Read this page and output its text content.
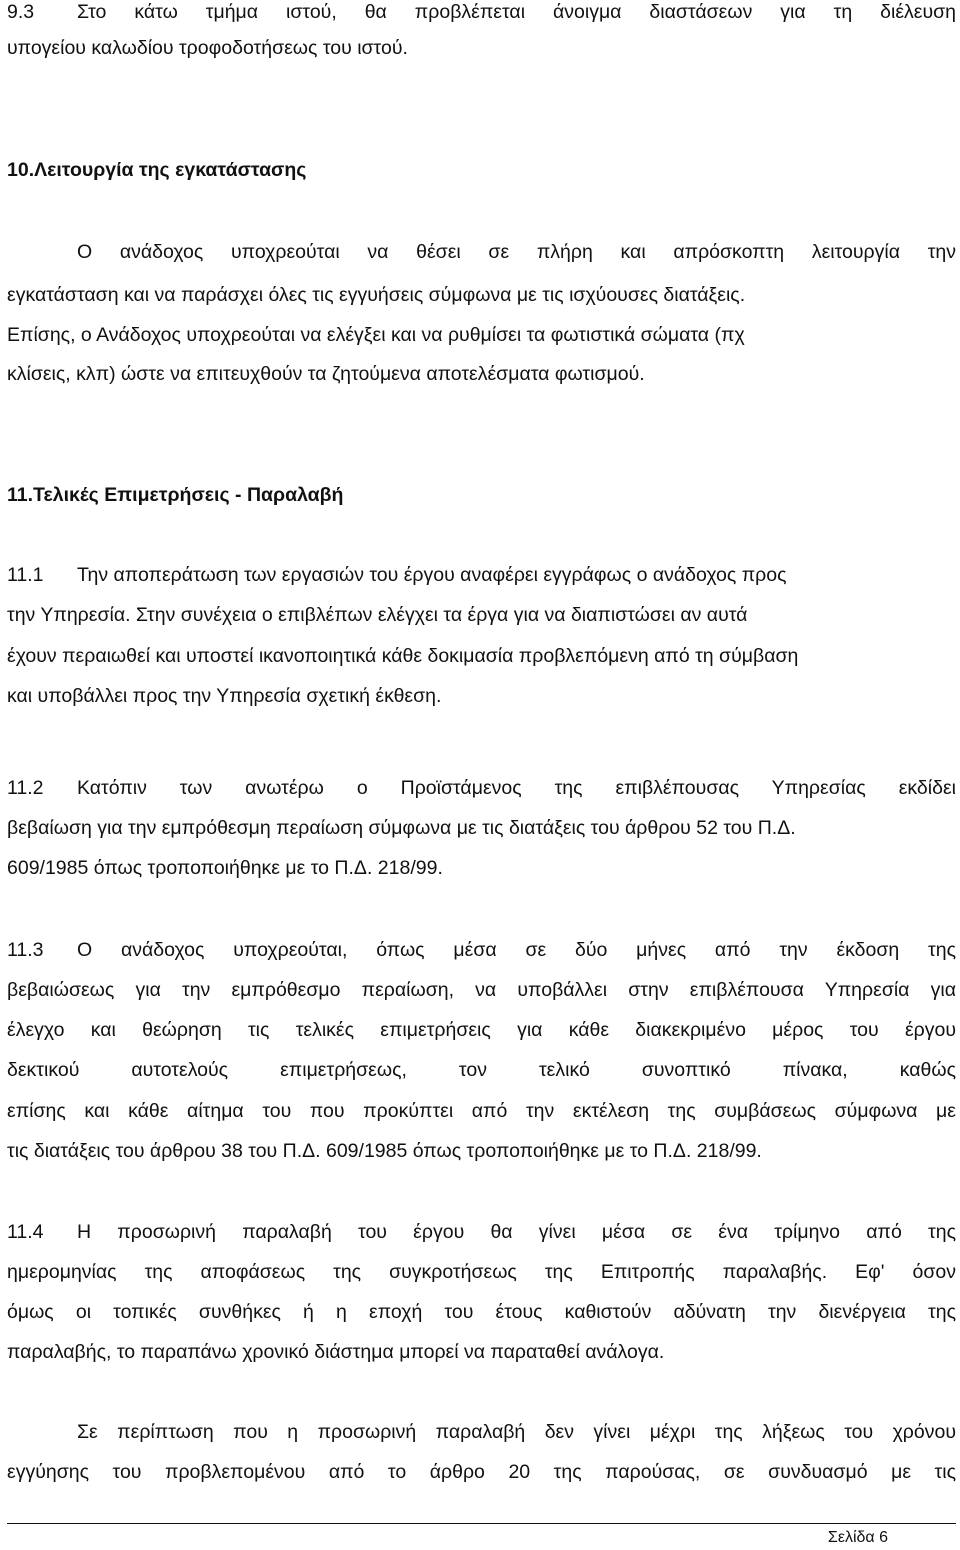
9.3 Στο κάτω τμήμα ιστού, θα προβλέπεται άνοιγμα διαστάσεων για τη διέλευση
υπογείου καλωδίου τροφοδοτήσεως του ιστού.
10.Λειτουργία της εγκατάστασης
Ο ανάδοχος υποχρεούται να θέσει σε πλήρη και απρόσκοπτη λειτουργία την
εγκατάσταση και να παράσχει όλες τις εγγυήσεις σύμφωνα με τις ισχύουσες διατάξεις.
Επίσης, ο Ανάδοχος υποχρεούται να ελέγξει και να ρυθμίσει τα φωτιστικά σώματα (πχ
κλίσεις, κλπ) ώστε να επιτευχθούν τα ζητούμενα αποτελέσματα φωτισμού.
11.Τελικές Επιμετρήσεις - Παραλαβή
11.1 Την αποπεράτωση των εργασιών του έργου αναφέρει εγγράφως ο ανάδοχος προς
την Υπηρεσία. Στην συνέχεια ο επιβλέπων ελέγχει τα έργα για να διαπιστώσει αν αυτά
έχουν περαιωθεί και υποστεί ικανοποιητικά κάθε δοκιμασία προβλεπόμενη από τη σύμβαση
και υποβάλλει προς την Υπηρεσία σχετική έκθεση.
11.2 Κατόπιν των ανωτέρω ο Προϊστάμενος της επιβλέπουσας Υπηρεσίας εκδίδει
βεβαίωση για την εμπρόθεσμη περαίωση σύμφωνα με τις διατάξεις του άρθρου 52 του Π.Δ.
609/1985 όπως τροποποιήθηκε με το Π.Δ. 218/99.
11.3 Ο ανάδοχος υποχρεούται, όπως μέσα σε δύο μήνες από την έκδοση της
βεβαιώσεως για την εμπρόθεσμο περαίωση, να υποβάλλει στην επιβλέπουσα Υπηρεσία για
έλεγχο και θεώρηση τις τελικές επιμετρήσεις για κάθε διακεκριμένο μέρος του έργου
δεκτικού αυτοτελούς επιμετρήσεως, τον τελικό συνοπτικό πίνακα, καθώς
επίσης και κάθε αίτημα του που προκύπτει από την εκτέλεση της συμβάσεως σύμφωνα με
τις διατάξεις του άρθρου 38 του Π.Δ. 609/1985 όπως τροποποιήθηκε με το Π.Δ. 218/99.
11.4 Η προσωρινή παραλαβή του έργου θα γίνει μέσα σε ένα τρίμηνο από της
ημερομηνίας της αποφάσεως της συγκροτήσεως της Επιτροπής παραλαβής. Εφ' όσον
όμως οι τοπικές συνθήκες ή η εποχή του έτους καθιστούν αδύνατη την διενέργεια της
παραλαβής, το παραπάνω χρονικό διάστημα μπορεί να παραταθεί ανάλογα.
Σε περίπτωση που η προσωρινή παραλαβή δεν γίνει μέχρι της λήξεως του χρόνου
εγγύησης του προβλεπομένου από το άρθρο 20 της παρούσας, σε συνδυασμό με τις
Σελίδα 6
